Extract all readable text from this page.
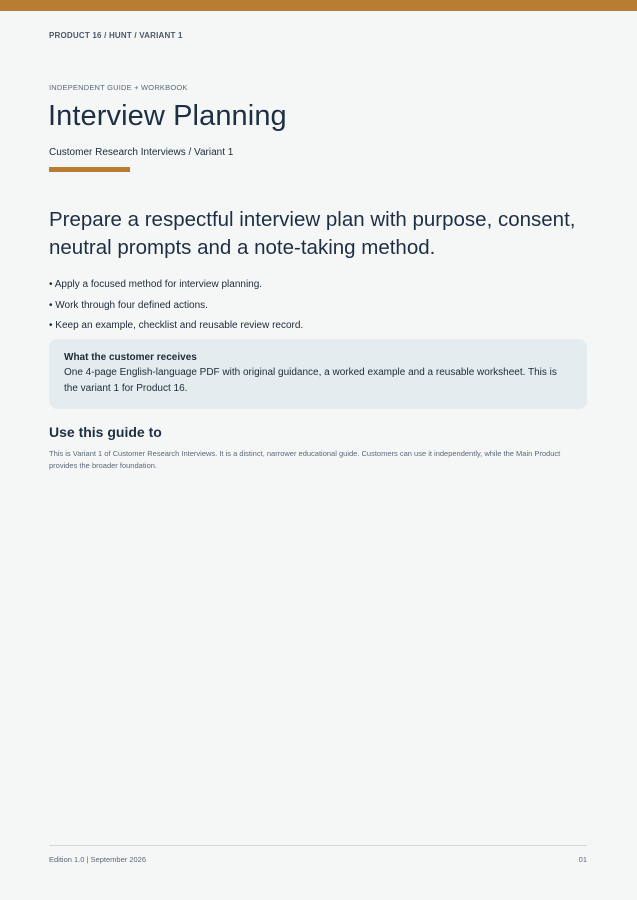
PRODUCT 16 / HUNT / VARIANT 1
INDEPENDENT GUIDE + WORKBOOK
Interview Planning
Customer Research Interviews / Variant 1

Prepare a respectful interview plan with purpose, consent, neutral prompts and a note-taking method.

• Apply a focused method for interview planning.
• Work through four defined actions.
• Keep an example, checklist and reusable review record.
What the customer receives
One 4-page English-language PDF with original guidance, a worked example and a reusable worksheet. This is the variant 1 for Product 16.
Use this guide to

This is Variant 1 of Customer Research Interviews. It is a distinct, narrower educational guide. Customers can use it independently, while the Main Product provides the broader foundation.

Edition 1.0 | September 2026	01
